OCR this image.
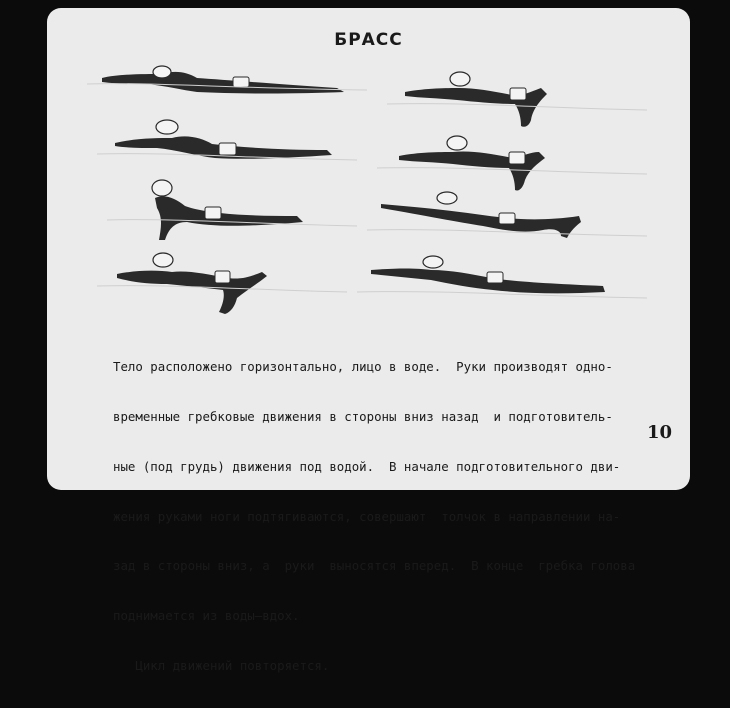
БРАСС

Тело расположено горизонтально, лицо в воде.  Руки производят одно-

временные гребковые движения в стороны вниз назад  и подготовитель-

ные (под грудь) движения под водой.  В начале подготовительного дви-

жения руками ноги подтягиваются, совершают  толчок в направлении на-

зад в стороны вниз, а  руки  выносятся вперед.  В конце  гребка голова

поднимается из воды—вдох.

Цикл движений повторяется.

10
